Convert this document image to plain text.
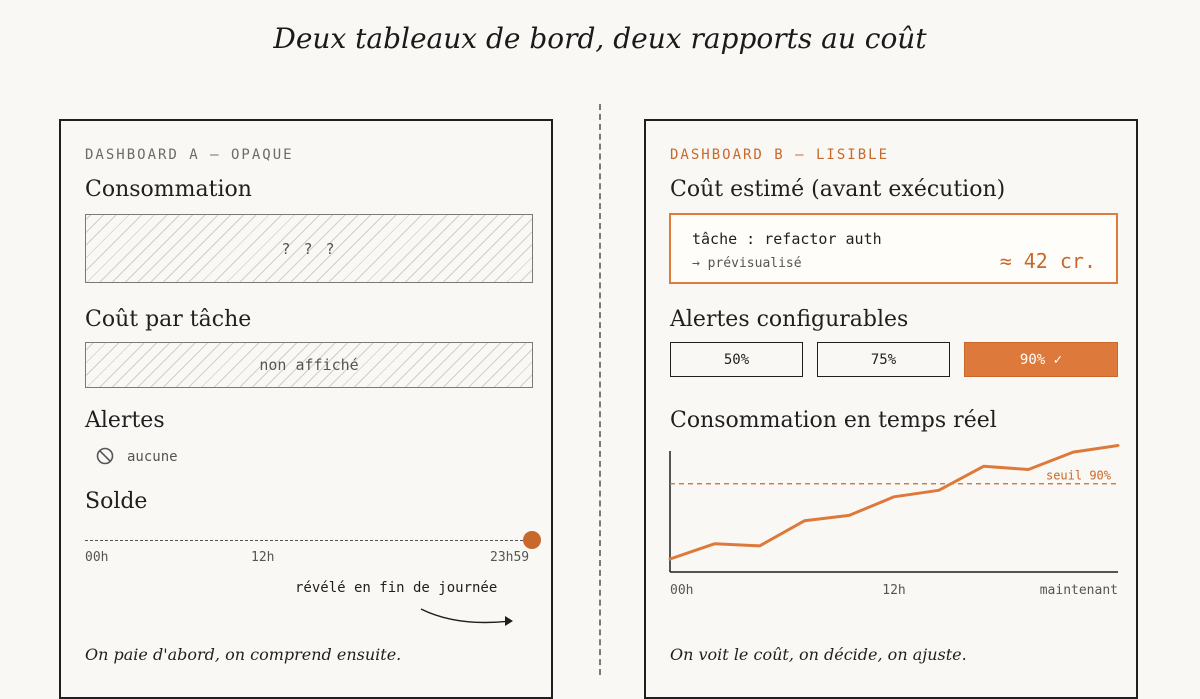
Deux tableaux de bord, deux rapports au coût
DASHBOARD A — OPAQUE
Consommation
? ? ?
Coût par tâche
non affiché
Alertes
aucune
Solde
00h	12h	23h59
révélé en fin de journée
On paie d'abord, on comprend ensuite.
DASHBOARD B — LISIBLE
Coût estimé (avant exécution)
tâche : refactor auth
→ prévisualisé	≈ 42 cr.
Alertes configurables
50%	75%	90% ✓
Consommation en temps réel
seuil 90%
00h	12h	maintenant
On voit le coût, on décide, on ajuste.
